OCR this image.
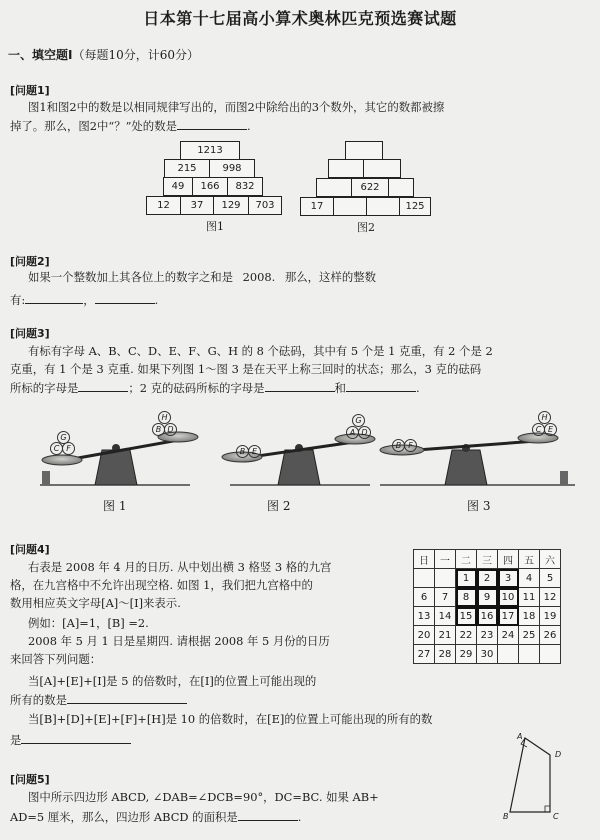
日本第十七届高小算术奥林匹克预选赛试题
一、填空题Ⅰ（每题10分，计60分）
[问题1]
图1和图2中的数是以相同规律写出的，而图2中除给出的3个数外，其它的数都被擦
掉了。那么，图2中“？”处的数是	.
1213
215	998
49	166	832
12	37	129	703
图1
622
17	125
图2
[问题2]
如果一个整数加上其各位上的数字之和是 2008. 那么，这样的整数
有:	，	.
[问题3]
有标有字母 A、B、C、D、E、F、G、H 的 8 个砝码，其中有 5 个是 1 克重，有 2 个是 2
克重，有 1 个是 3 克重. 如果下列图 1～图 3 是在天平上称三回时的状态；那么，3 克的砝码
所标的字母是	；2 克的砝码所标的字母是	和	.
G
C F
H
B D
B E
G
A D
B F
H
C E
图 1	图 2	图 3
[问题4]
右表是 2008 年 4 月的日历. 从中划出横 3 格竖 3 格的九宫
格，在九宫格中不允许出现空格. 如图 1，我们把九宫格中的
数用相应英文字母[A]～[I]来表示.
例如：[A]=1，[B] =2.
2008 年 5 月 1 日是星期四. 请根据 2008 年 5 月份的日历
来回答下列问题：
当[A]+[E]+[I]是 5 的倍数时，在[I]的位置上可能出现的
所有的数是
当[B]+[D]+[E]+[F]+[H]是 10 的倍数时，在[E]的位置上可能出现的所有的数
是
日	一	二	三	四	五	六
		1	2	3	4	5
6	7	8	9	10	11	12
13	14	15	16	17	18	19
20	21	22	23	24	25	26
27	28	29	30			
[问题5]
图中所示四边形 ABCD, ∠DAB=∠DCB=90°，DC=BC. 如果 AB+
AD=5 厘米，那么，四边形 ABCD 的面积是	.
A
D
B	C
